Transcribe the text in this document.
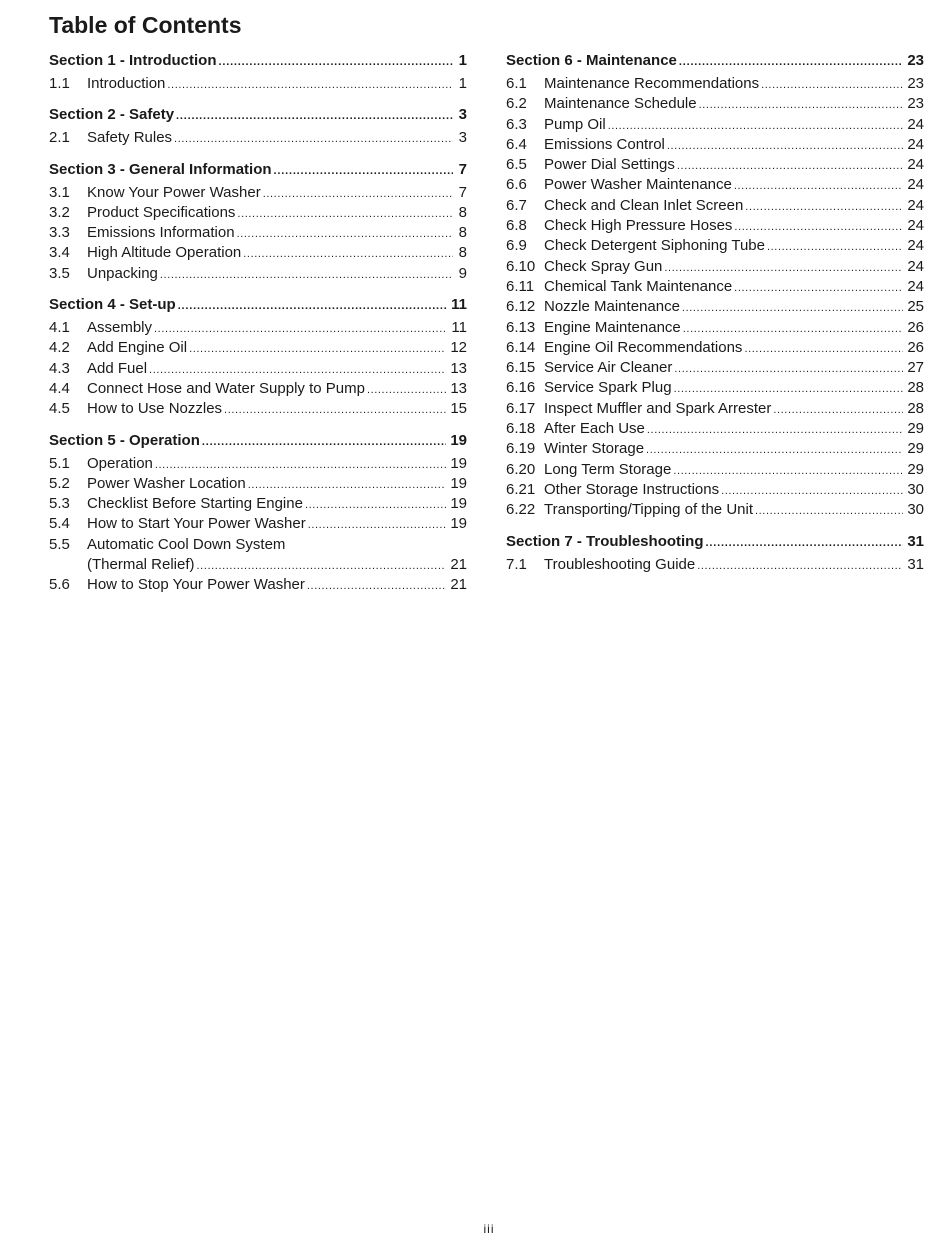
Table of Contents
Section 1 - Introduction .....	1
1.1	Introduction .....	1
Section 2 - Safety .....	3
2.1	Safety Rules .....	3
Section 3 - General Information .....	7
3.1	Know Your Power Washer .....	7
3.2	Product Specifications .....	8
3.3	Emissions Information .....	8
3.4	High Altitude Operation .....	8
3.5	Unpacking .....	9
Section 4 - Set-up .....	11
4.1	Assembly .....	11
4.2	Add Engine Oil .....	12
4.3	Add Fuel .....	13
4.4	Connect Hose and Water Supply to Pump .....	13
4.5	How to Use Nozzles .....	15
Section 5 - Operation .....	19
5.1	Operation .....	19
5.2	Power Washer Location .....	19
5.3	Checklist Before Starting Engine .....	19
5.4	How to Start Your Power Washer .....	19
5.5	Automatic Cool Down System
(Thermal Relief) .....	21
5.6	How to Stop Your Power Washer .....	21
Section 6 - Maintenance .....	23
6.1	Maintenance Recommendations .....	23
6.2	Maintenance Schedule .....	23
6.3	Pump Oil .....	24
6.4	Emissions Control .....	24
6.5	Power Dial Settings .....	24
6.6	Power Washer Maintenance .....	24
6.7	Check and Clean Inlet Screen .....	24
6.8	Check High Pressure Hoses .....	24
6.9	Check Detergent Siphoning Tube .....	24
6.10 Check Spray Gun .....	24
6.11 Chemical Tank Maintenance .....	24
6.12 Nozzle Maintenance .....	25
6.13 Engine Maintenance .....	26
6.14 Engine Oil Recommendations .....	26
6.15 Service Air Cleaner .....	27
6.16 Service Spark Plug .....	28
6.17 Inspect Muffler and Spark Arrester .....	28
6.18 After Each Use .....	29
6.19 Winter Storage .....	29
6.20 Long Term Storage .....	29
6.21 Other Storage Instructions .....	30
6.22 Transporting/Tipping of the Unit .....	30
Section 7 - Troubleshooting .....	31
7.1	Troubleshooting Guide .....	31
iii
